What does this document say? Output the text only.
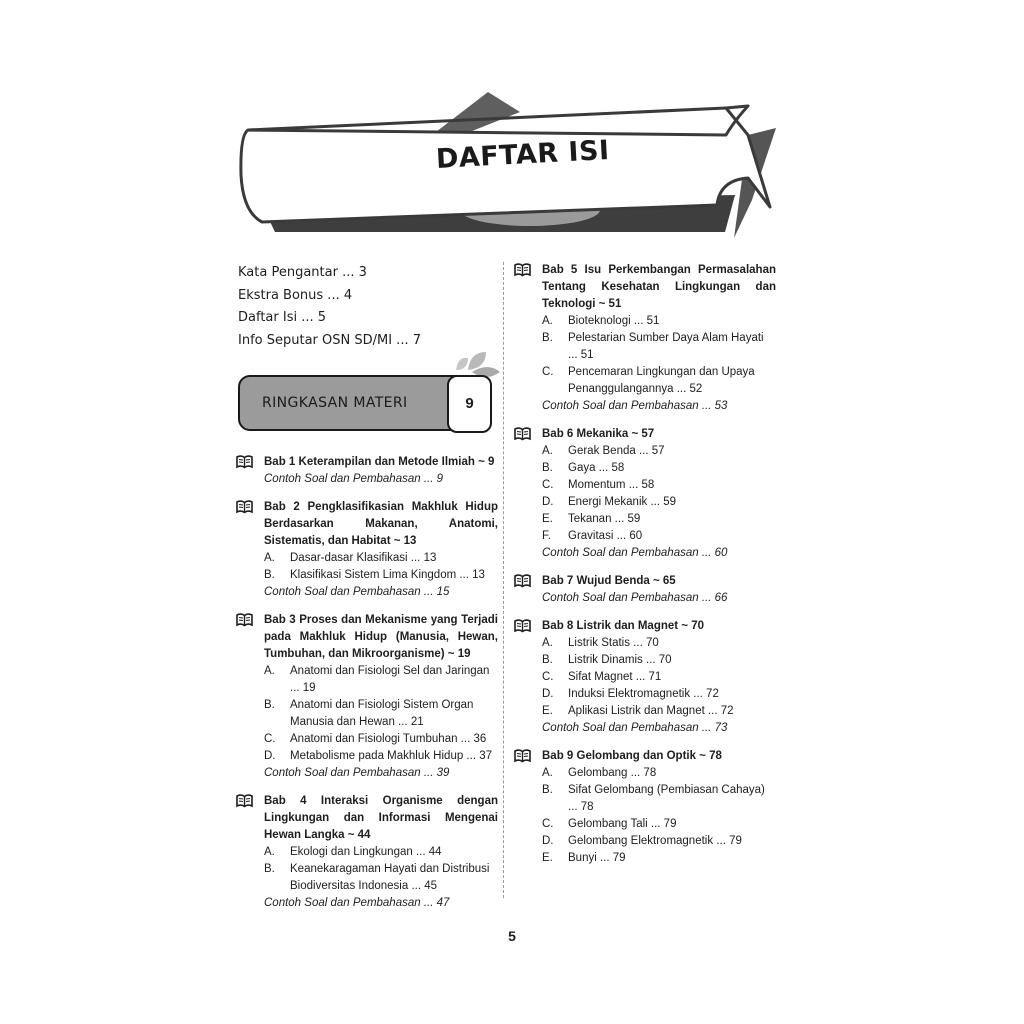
DAFTAR ISI
Kata Pengantar ... 3
Ekstra Bonus ... 4
Daftar Isi ... 5
Info Seputar OSN SD/MI ... 7
RINGKASAN MATERI	9
Bab 1 Keterampilan dan Metode Ilmiah ~ 9
Contoh Soal dan Pembahasan ... 9
Bab 2 Pengklasifikasian Makhluk Hidup Berdasarkan Makanan, Anatomi, Sistematis, dan Habitat ~ 13
A. Dasar-dasar Klasifikasi ... 13
B. Klasifikasi Sistem Lima Kingdom ... 13
Contoh Soal dan Pembahasan ... 15
Bab 3 Proses dan Mekanisme yang Terjadi pada Makhluk Hidup (Manusia, Hewan, Tumbuhan, dan Mikroorganisme) ~ 19
A. Anatomi dan Fisiologi Sel dan Jaringan ... 19
B. Anatomi dan Fisiologi Sistem Organ Manusia dan Hewan ... 21
C. Anatomi dan Fisiologi Tumbuhan ... 36
D. Metabolisme pada Makhluk Hidup ... 37
Contoh Soal dan Pembahasan ... 39
Bab 4 Interaksi Organisme dengan Lingkungan dan Informasi Mengenai Hewan Langka ~ 44
A. Ekologi dan Lingkungan ... 44
B. Keanekaragaman Hayati dan Distribusi Biodiversitas Indonesia ... 45
Contoh Soal dan Pembahasan ... 47
Bab 5 Isu Perkembangan Permasalahan Tentang Kesehatan Lingkungan dan Teknologi ~ 51
A. Bioteknologi ... 51
B. Pelestarian Sumber Daya Alam Hayati ... 51
C. Pencemaran Lingkungan dan Upaya Penanggulangannya ... 52
Contoh Soal dan Pembahasan ... 53
Bab 6 Mekanika ~ 57
A. Gerak Benda ... 57
B. Gaya ... 58
C. Momentum ... 58
D. Energi Mekanik ... 59
E. Tekanan ... 59
F. Gravitasi ... 60
Contoh Soal dan Pembahasan ... 60
Bab 7 Wujud Benda ~ 65
Contoh Soal dan Pembahasan ... 66
Bab 8 Listrik dan Magnet ~ 70
A. Listrik Statis ... 70
B. Listrik Dinamis ... 70
C. Sifat Magnet ... 71
D. Induksi Elektromagnetik ... 72
E. Aplikasi Listrik dan Magnet ... 72
Contoh Soal dan Pembahasan ... 73
Bab 9 Gelombang dan Optik ~ 78
A. Gelombang ... 78
B. Sifat Gelombang (Pembiasan Cahaya) ... 78
C. Gelombang Tali ... 79
D. Gelombang Elektromagnetik ... 79
E. Bunyi ... 79
5
